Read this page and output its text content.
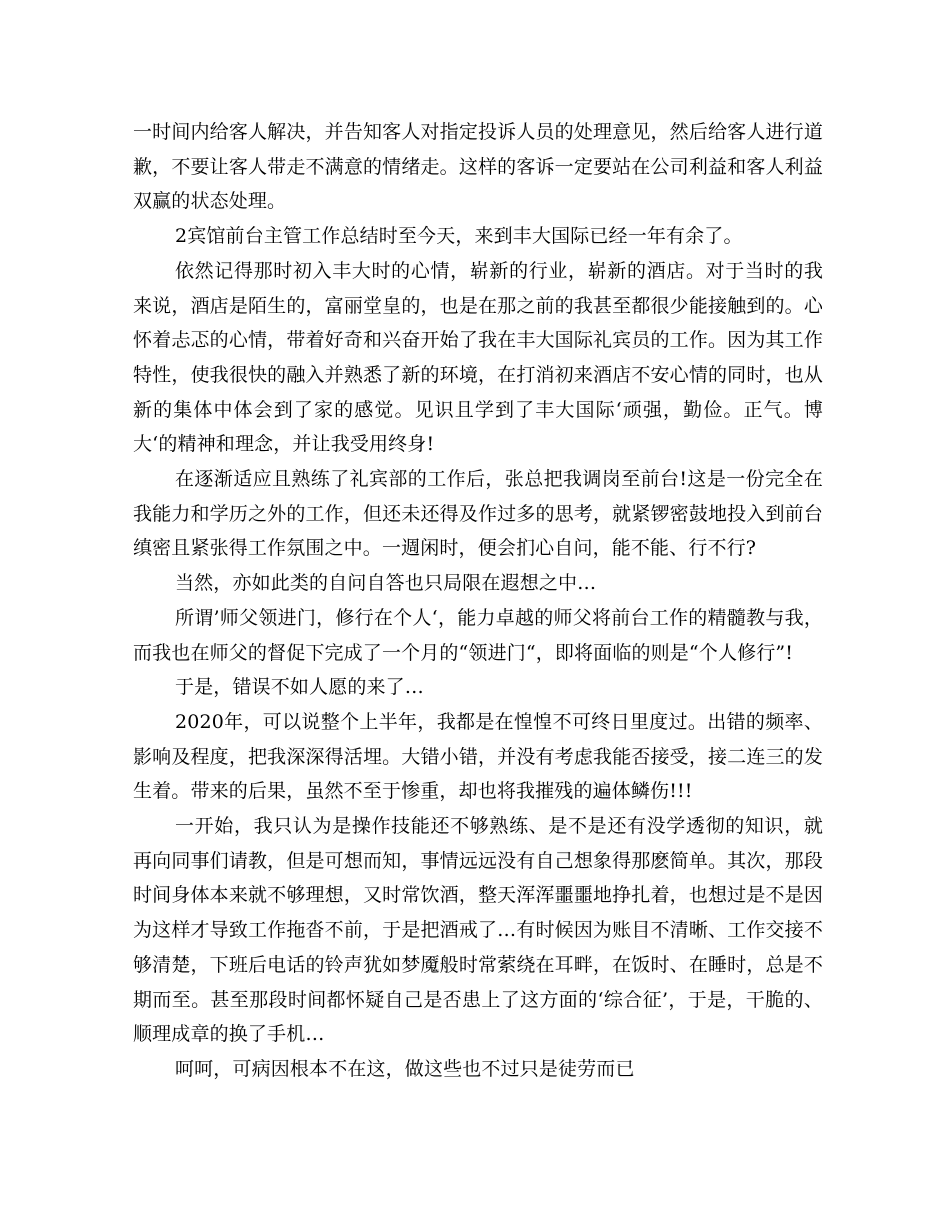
一时间内给客人解决，并告知客人对指定投诉人员的处理意见，然后给客人进行道歉，不要让客人带走不满意的情绪走。这样的客诉一定要站在公司利益和客人利益双赢的状态处理。

2宾馆前台主管工作总结时至今天，来到丰大国际已经一年有余了。

依然记得那时初入丰大时的心情，崭新的行业，崭新的酒店。对于当时的我来说，酒店是陌生的，富丽堂皇的，也是在那之前的我甚至都很少能接触到的。心怀着忐忑的心情，带着好奇和兴奋开始了我在丰大国际礼宾员的工作。因为其工作特性，使我很快的融入并熟悉了新的环境，在打消初来酒店不安心情的同时，也从新的集体中体会到了家的感觉。见识且学到了丰大国际‘顽强，勤俭。正气。博大‘的精神和理念，并让我受用终身!

在逐渐适应且熟练了礼宾部的工作后，张总把我调岗至前台!这是一份完全在我能力和学历之外的工作，但还未还得及作过多的思考，就紧锣密鼓地投入到前台缜密且紧张得工作氛围之中。一週闲时，便会扪心自问，能不能、行不行?

当然，亦如此类的自问自答也只局限在遐想之中…

所谓’师父领进门，修行在个人‘，能力卓越的师父将前台工作的精髓教与我，而我也在师父的督促下完成了一个月的“领进门“，即将面临的则是“个人修行”!

于是，错误不如人愿的来了…

2020年，可以说整个上半年，我都是在惶惶不可终日里度过。出错的频率、影响及程度，把我深深得活埋。大错小错，并没有考虑我能否接受，接二连三的发生着。带来的后果，虽然不至于惨重，却也将我摧残的遍体鳞伤!!!

一开始，我只认为是操作技能还不够熟练、是不是还有没学透彻的知识，就再向同事们请教，但是可想而知，事情远远没有自己想象得那麽简单。其次，那段时间身体本来就不够理想，又时常饮酒，整天浑浑噩噩地挣扎着，也想过是不是因为这样才导致工作拖沓不前，于是把酒戒了…有时候因为账目不清晰、工作交接不够清楚，下班后电话的铃声犹如梦魇般时常萦绕在耳畔，在饭时、在睡时，总是不期而至。甚至那段时间都怀疑自己是否患上了这方面的‘综合征’，于是，干脆的、顺理成章的换了手机…

呵呵，可病因根本不在这，做这些也不过只是徒劳而已
